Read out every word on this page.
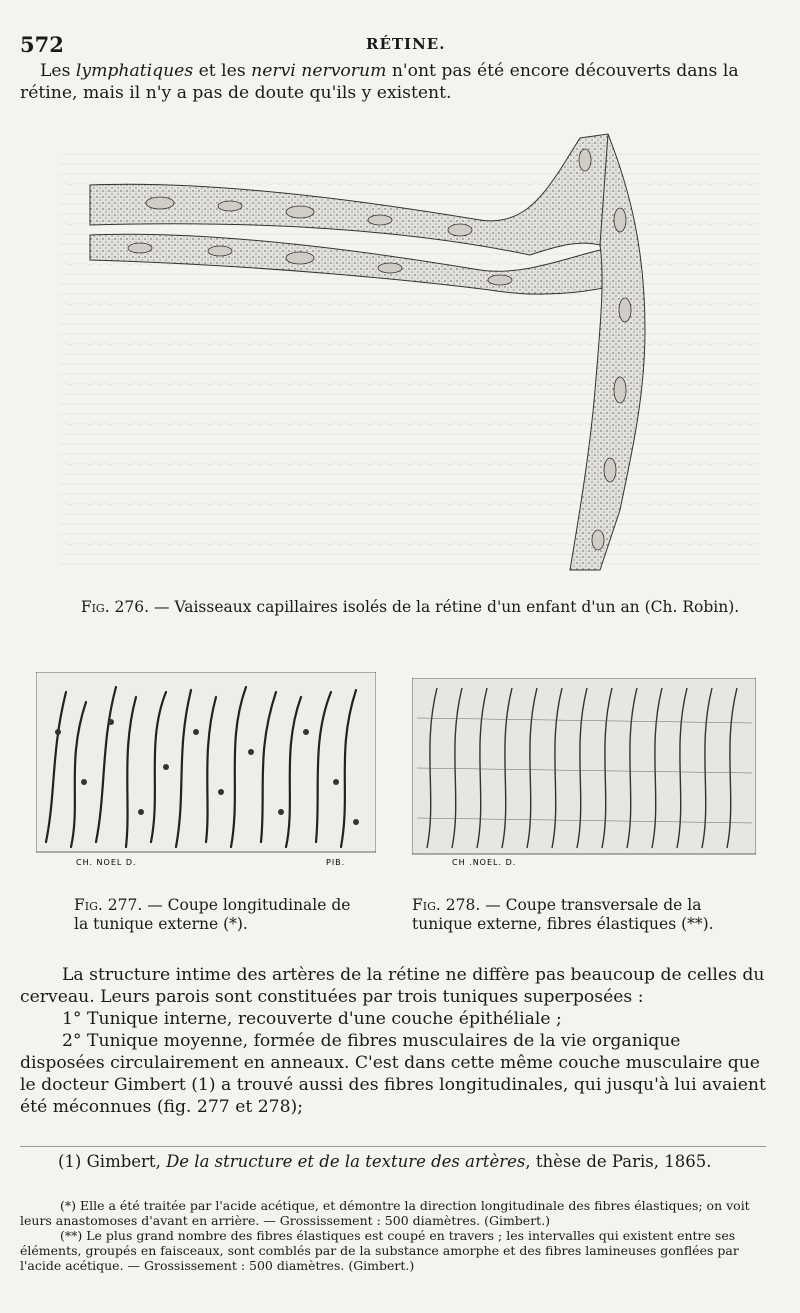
572	RÉTINE.
Les lymphatiques et les nervi nervorum n'ont pas été encore découverts dans la rétine, mais il n'y a pas de doute qu'ils y existent.
Fig. 276. — Vaisseaux capillaires isolés de la rétine d'un enfant d'un an (Ch. Robin).
CH. NOEL D.	PIB.	CH .NOEL. D.
Fig. 277. — Coupe longitudinale de la tunique externe (*).
Fig. 278. — Coupe transversale de la tunique externe, fibres élastiques (**).

La structure intime des artères de la rétine ne diffère pas beaucoup de celles du cerveau. Leurs parois sont constituées par trois tuniques superposées :

1° Tunique interne, recouverte d'une couche épithéliale ;

2° Tunique moyenne, formée de fibres musculaires de la vie organique disposées circulairement en anneaux. C'est dans cette même couche musculaire que le docteur Gimbert (1) a trouvé aussi des fibres longitudinales, qui jusqu'à lui avaient été méconnues (fig. 277 et 278);

(1) Gimbert, De la structure et de la texture des artères, thèse de Paris, 1865.

(*) Elle a été traitée par l'acide acétique, et démontre la direction longitudinale des fibres élastiques; on voit leurs anastomoses d'avant en arrière. — Grossissement : 500 diamètres. (Gimbert.)

(**) Le plus grand nombre des fibres élastiques est coupé en travers ; les intervalles qui existent entre ses éléments, groupés en faisceaux, sont comblés par de la substance amorphe et des fibres lamineuses gonflées par l'acide acétique. — Grossissement : 500 diamètres. (Gimbert.)
